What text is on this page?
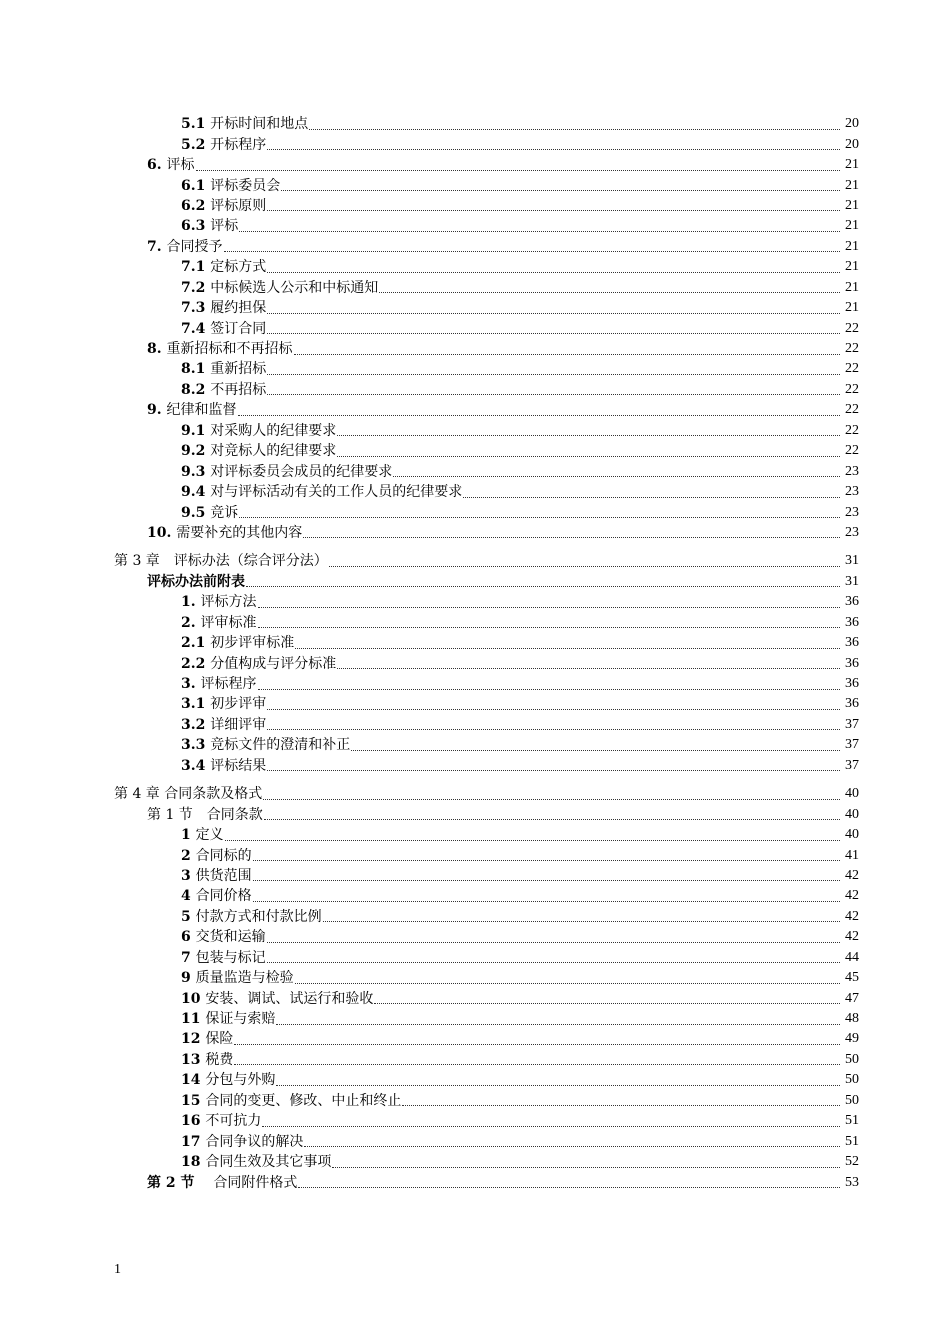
5.1 开标时间和地点	20
5.2 开标程序	20
6. 评标	21
6.1 评标委员会	21
6.2 评标原则	21
6.3 评标	21
7. 合同授予	21
7.1 定标方式	21
7.2 中标候选人公示和中标通知	21
7.3 履约担保	21
7.4 签订合同	22
8. 重新招标和不再招标	22
8.1 重新招标	22
8.2 不再招标	22
9. 纪律和监督	22
9.1 对采购人的纪律要求	22
9.2 对竞标人的纪律要求	22
9.3 对评标委员会成员的纪律要求	23
9.4 对与评标活动有关的工作人员的纪律要求	23
9.5 竞诉	23
10. 需要补充的其他内容	23
第 3 章　评标办法（综合评分法）	31
评标办法前附表	31
1. 评标方法	36
2. 评审标准	36
2.1 初步评审标准	36
2.2 分值构成与评分标准	36
3. 评标程序	36
3.1 初步评审	36
3.2 详细评审	37
3.3 竞标文件的澄清和补正	37
3.4 评标结果	37
第 4 章 合同条款及格式	40
第 1 节　合同条款	40
1 定义	40
2 合同标的	41
3 供货范围	42
4 合同价格	42
5 付款方式和付款比例	42
6 交货和运输	42
7 包装与标记	44
9 质量监造与检验	45
10 安装、调试、试运行和验收	47
11 保证与索赔	48
12 保险	49
13 税费	50
14 分包与外购	50
15 合同的变更、修改、中止和终止	50
16 不可抗力	51
17 合同争议的解决	51
18 合同生效及其它事项	52
第 2 节 　合同附件格式	53
1
